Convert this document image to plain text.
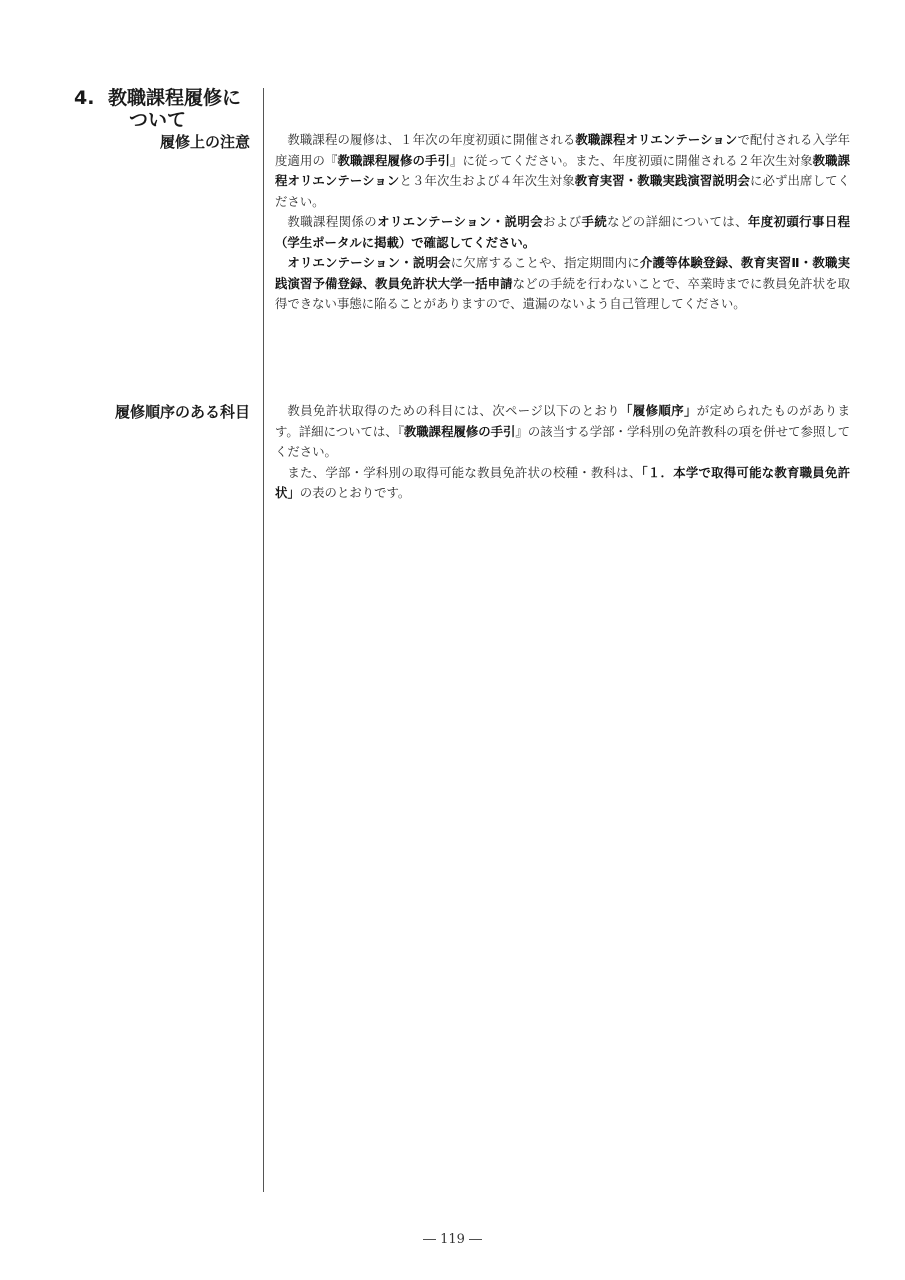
4. 教職課程履修に
ついて
履修上の注意	教職課程の履修は、１年次の年度初頭に開催される教職課程オリエンテーションで配付される入学年度適用の『教職課程履修の手引』に従ってください。また、年度初頭に開催される２年次生対象教職課程オリエンテーションと３年次生および４年次生対象教育実習・教職実践演習説明会に必ず出席してください。

教職課程関係のオリエンテーション・説明会および手続などの詳細については、年度初頭行事日程（学生ポータルに掲載）で確認してください。

オリエンテーション・説明会に欠席することや、指定期間内に介護等体験登録、教育実習Ⅱ・教職実践演習予備登録、教員免許状大学一括申請などの手続を行わないことで、卒業時までに教員免許状を取得できない事態に陥ることがありますので、遺漏のないよう自己管理してください。

履修順序のある科目	教員免許状取得のための科目には、次ページ以下のとおり「履修順序」が定められたものがあります。詳細については、『教職課程履修の手引』の該当する学部・学科別の免許教科の項を併せて参照してください。

また、学部・学科別の取得可能な教員免許状の校種・教科は、「１．本学で取得可能な教育職員免許状」の表のとおりです。

― 119 ―
